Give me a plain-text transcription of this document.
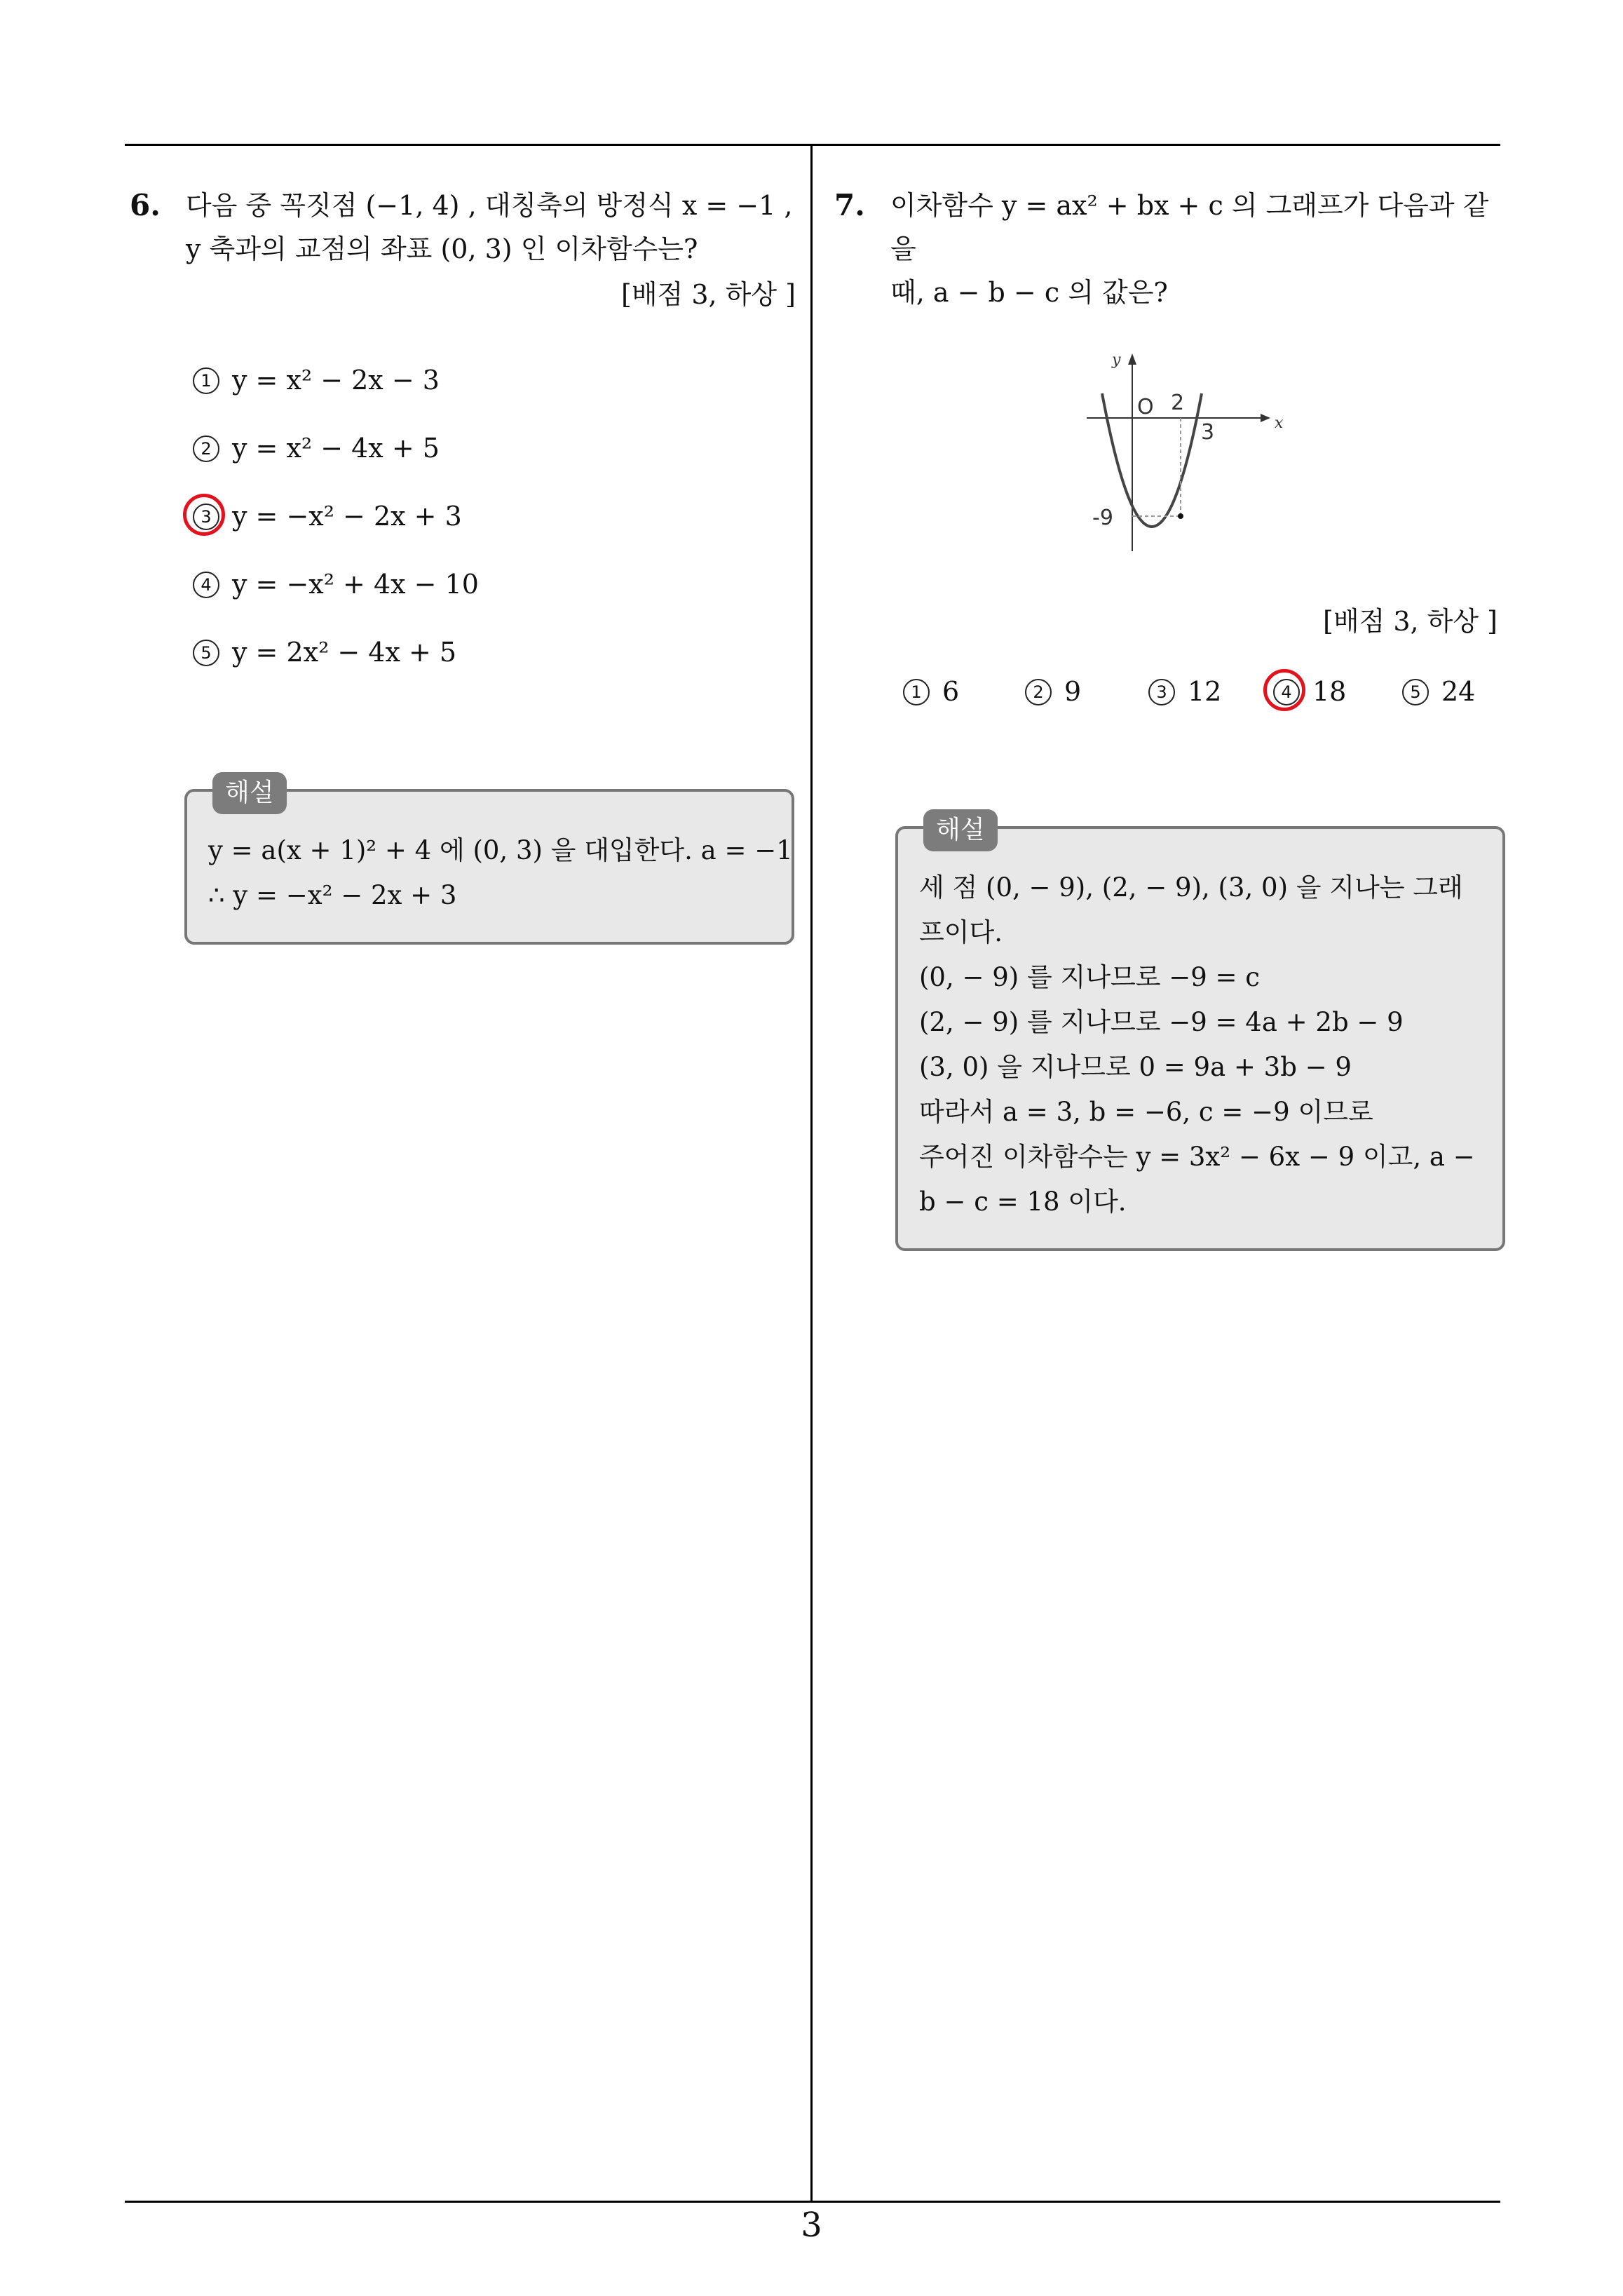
6. 다음 중 꼭짓점 (−1, 4) , 대칭축의 방정식 x = −1 ,
y 축과의 교점의 좌표 (0, 3) 인 이차함수는?
[배점 3, 하상 ]
1 y = x² − 2x − 3
2 y = x² − 4x + 5
3 y = −x² − 2x + 3
4 y = −x² + 4x − 10
5 y = 2x² − 4x + 5
해설
y = a(x + 1)² + 4 에 (0, 3) 을 대입한다. a = −1
∴ y = −x² − 2x + 3
7. 이차함수 y = ax² + bx + c 의 그래프가 다음과 같을
때, a − b − c 의 값은?
y
x
O 2
3
-9
[배점 3, 하상 ]
1 6	2 9	3 12	4 18	5 24
해설
세 점 (0, − 9), (2, − 9), (3, 0) 을 지나는 그래
프이다.
(0, − 9) 를 지나므로 −9 = c
(2, − 9) 를 지나므로 −9 = 4a + 2b − 9
(3, 0) 을 지나므로 0 = 9a + 3b − 9
따라서 a = 3, b = −6, c = −9 이므로
주어진 이차함수는 y = 3x² − 6x − 9 이고, a −
b − c = 18 이다.
3
